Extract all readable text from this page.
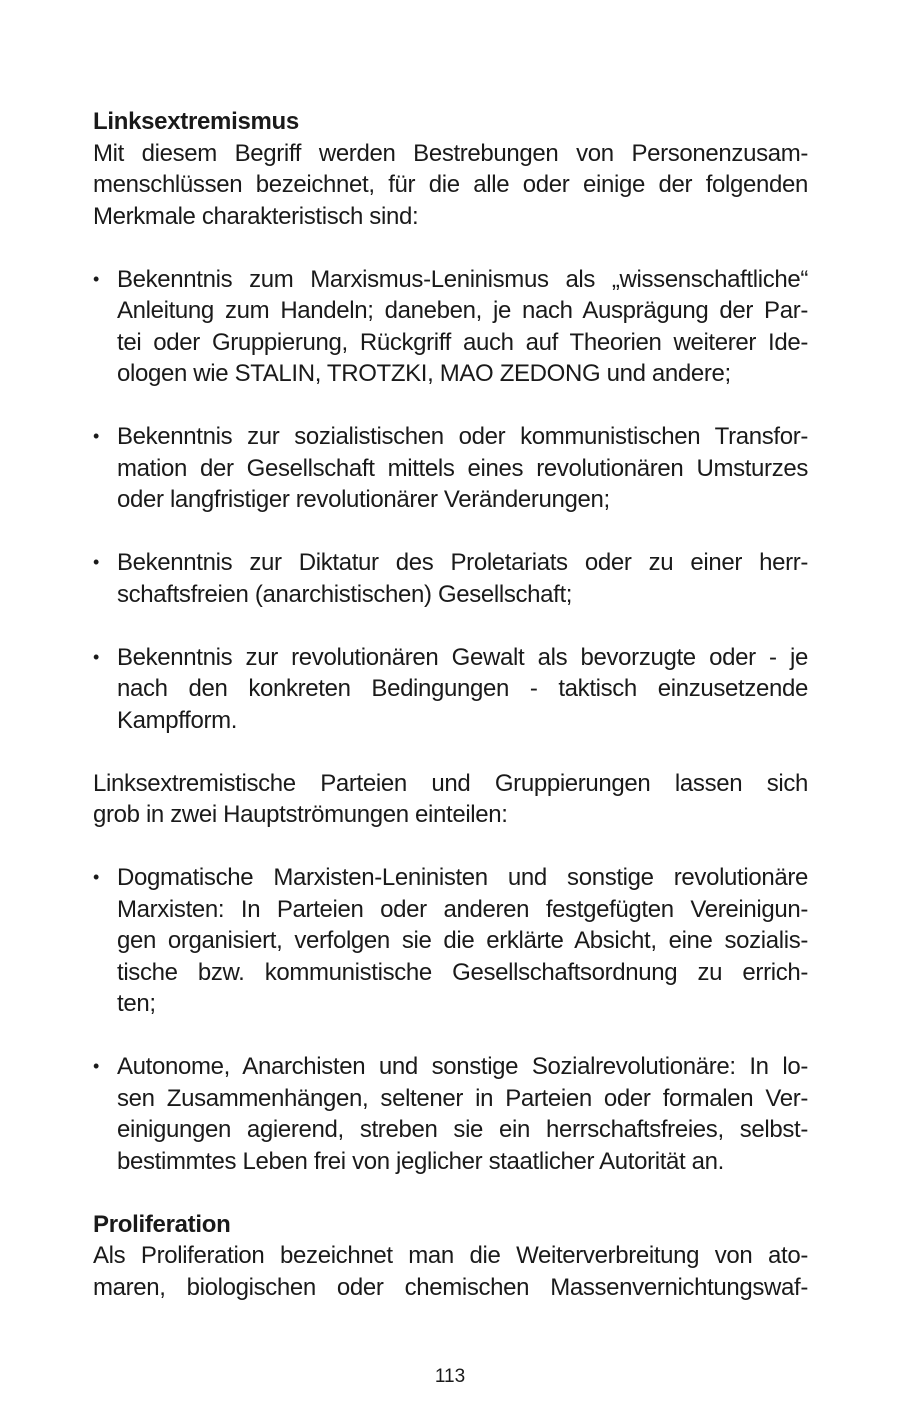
Linksextremismus
Mit diesem Begriff werden Bestrebungen von Personenzusam-
menschlüssen bezeichnet, für die alle oder einige der folgenden
Merkmale charakteristisch sind:
• Bekenntnis zum Marxismus-Leninismus als „wissenschaftliche“
Anleitung zum Handeln; daneben, je nach Ausprägung der Par-
tei oder Gruppierung, Rückgriff auch auf Theorien weiterer Ide-
ologen wie STALIN, TROTZKI, MAO ZEDONG und andere;
• Bekenntnis zur sozialistischen oder kommunistischen Transfor-
mation der Gesellschaft mittels eines revolutionären Umsturzes
oder langfristiger revolutionärer Veränderungen;
• Bekenntnis zur Diktatur des Proletariats oder zu einer herr-
schaftsfreien (anarchistischen) Gesellschaft;
• Bekenntnis zur revolutionären Gewalt als bevorzugte oder - je
nach den konkreten Bedingungen - taktisch einzusetzende
Kampfform.
Linksextremistische Parteien und Gruppierungen lassen sich
grob in zwei Hauptströmungen einteilen:
• Dogmatische Marxisten-Leninisten und sonstige revolutionäre
Marxisten: In Parteien oder anderen festgefügten Vereinigun-
gen organisiert, verfolgen sie die erklärte Absicht, eine sozialis-
tische bzw. kommunistische Gesellschaftsordnung zu errich-
ten;
• Autonome, Anarchisten und sonstige Sozialrevolutionäre: In lo-
sen Zusammenhängen, seltener in Parteien oder formalen Ver-
einigungen agierend, streben sie ein herrschaftsfreies, selbst-
bestimmtes Leben frei von jeglicher staatlicher Autorität an.
Proliferation
Als Proliferation bezeichnet man die Weiterverbreitung von ato-
maren, biologischen oder chemischen Massenvernichtungswaf-
113
